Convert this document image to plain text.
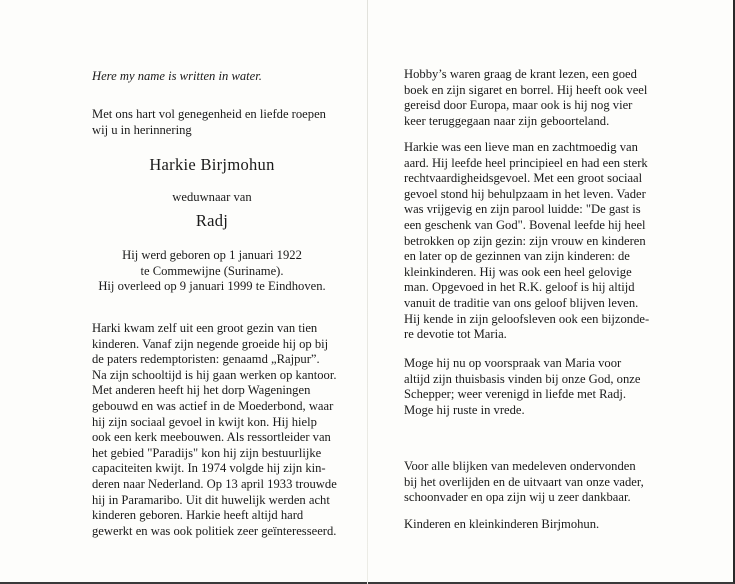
Here my name is written in water.

Met ons hart vol genegenheid en liefde roepen
wij u in herinnering
Harkie Birjmohun
weduwnaar van
Radj
Hij werd geboren op 1 januari 1922
te Commewijne (Suriname).
Hij overleed op 9 januari 1999 te Eindhoven.
Harki kwam zelf uit een groot gezin van tien
kinderen. Vanaf zijn negende groeide hij op bij
de paters redemptoristen: genaamd „Rajpur”.
Na zijn schooltijd is hij gaan werken op kantoor.
Met anderen heeft hij het dorp Wageningen
gebouwd en was actief in de Moederbond, waar
hij zijn sociaal gevoel in kwijt kon. Hij hielp
ook een kerk meebouwen. Als ressortleider van
het gebied "Paradijs" kon hij zijn bestuurlijke
capaciteiten kwijt. In 1974 volgde hij zijn kin-
deren naar Nederland. Op 13 april 1933 trouwde
hij in Paramaribo. Uit dit huwelijk werden acht
kinderen geboren. Harkie heeft altijd hard
gewerkt en was ook politiek zeer geïnteresseerd.
Hobby’s waren graag de krant lezen, een goed
boek en zijn sigaret en borrel. Hij heeft ook veel
gereisd door Europa, maar ook is hij nog vier
keer teruggegaan naar zijn geboorteland.
Harkie was een lieve man en zachtmoedig van
aard. Hij leefde heel principieel en had een sterk
rechtvaardigheidsgevoel. Met een groot sociaal
gevoel stond hij behulpzaam in het leven. Vader
was vrijgevig en zijn parool luidde: "De gast is
een geschenk van God". Bovenal leefde hij heel
betrokken op zijn gezin: zijn vrouw en kinderen
en later op de gezinnen van zijn kinderen: de
kleinkinderen. Hij was ook een heel gelovige
man. Opgevoed in het R.K. geloof is hij altijd
vanuit de traditie van ons geloof blijven leven.
Hij kende in zijn geloofsleven ook een bijzonde-
re devotie tot Maria.
Moge hij nu op voorspraak van Maria voor
altijd zijn thuisbasis vinden bij onze God, onze
Schepper; weer verenigd in liefde met Radj.
Moge hij ruste in vrede.
Voor alle blijken van medeleven ondervonden
bij het overlijden en de uitvaart van onze vader,
schoonvader en opa zijn wij u zeer dankbaar.
Kinderen en kleinkinderen Birjmohun.
